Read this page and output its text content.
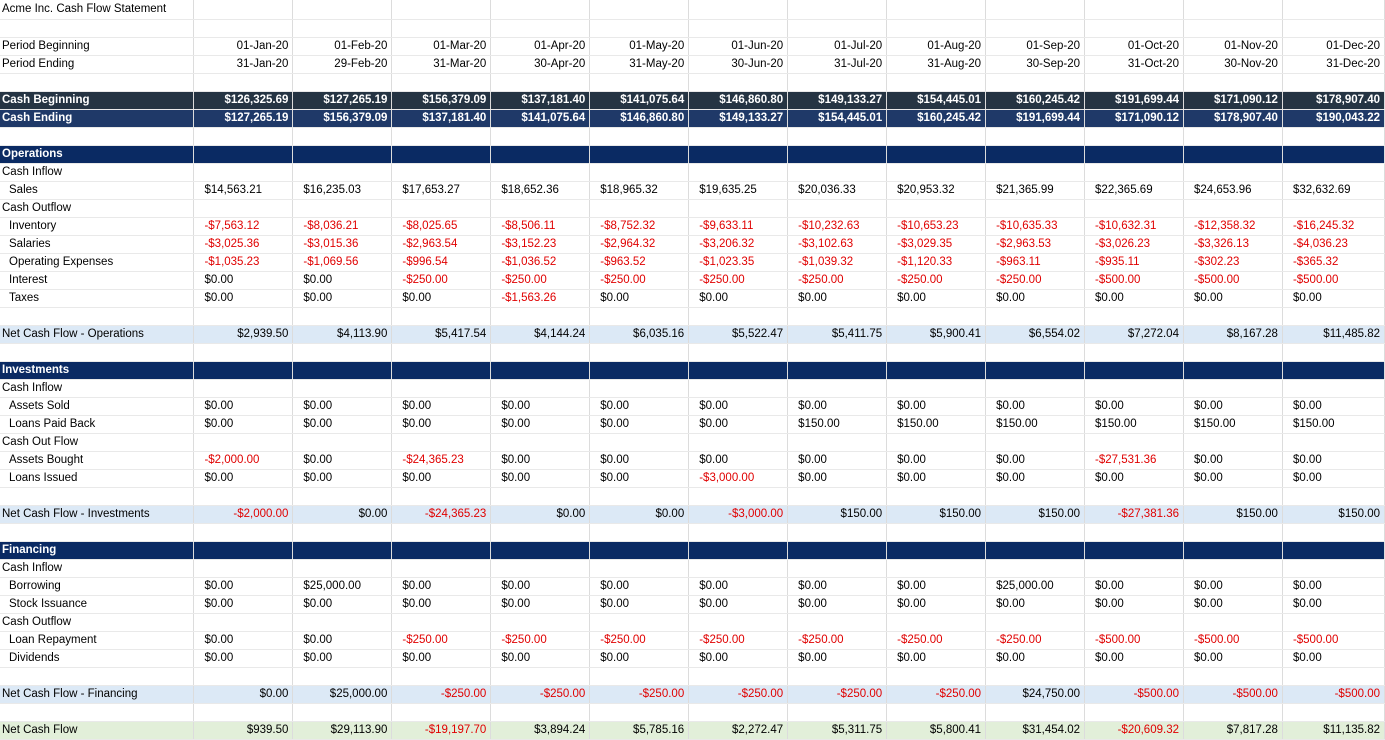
Acme Inc. Cash Flow Statement												

Period Beginning	01-Jan-20	01-Feb-20	01-Mar-20	01-Apr-20	01-May-20	01-Jun-20	01-Jul-20	01-Aug-20	01-Sep-20	01-Oct-20	01-Nov-20	01-Dec-20
Period Ending	31-Jan-20	29-Feb-20	31-Mar-20	30-Apr-20	31-May-20	30-Jun-20	31-Jul-20	31-Aug-20	30-Sep-20	31-Oct-20	30-Nov-20	31-Dec-20

Cash Beginning	$126,325.69	$127,265.19	$156,379.09	$137,181.40	$141,075.64	$146,860.80	$149,133.27	$154,445.01	$160,245.42	$191,699.44	$171,090.12	$178,907.40
Cash Ending	$127,265.19	$156,379.09	$137,181.40	$141,075.64	$146,860.80	$149,133.27	$154,445.01	$160,245.42	$191,699.44	$171,090.12	$178,907.40	$190,043.22

Operations												
Cash Inflow												
Sales	$14,563.21	$16,235.03	$17,653.27	$18,652.36	$18,965.32	$19,635.25	$20,036.33	$20,953.32	$21,365.99	$22,365.69	$24,653.96	$32,632.69
Cash Outflow												
Inventory	-$7,563.12	-$8,036.21	-$8,025.65	-$8,506.11	-$8,752.32	-$9,633.11	-$10,232.63	-$10,653.23	-$10,635.33	-$10,632.31	-$12,358.32	-$16,245.32
Salaries	-$3,025.36	-$3,015.36	-$2,963.54	-$3,152.23	-$2,964.32	-$3,206.32	-$3,102.63	-$3,029.35	-$2,963.53	-$3,026.23	-$3,326.13	-$4,036.23
Operating Expenses	-$1,035.23	-$1,069.56	-$996.54	-$1,036.52	-$963.52	-$1,023.35	-$1,039.32	-$1,120.33	-$963.11	-$935.11	-$302.23	-$365.32
Interest	$0.00	$0.00	-$250.00	-$250.00	-$250.00	-$250.00	-$250.00	-$250.00	-$250.00	-$500.00	-$500.00	-$500.00
Taxes	$0.00	$0.00	$0.00	-$1,563.26	$0.00	$0.00	$0.00	$0.00	$0.00	$0.00	$0.00	$0.00

Net Cash Flow - Operations	$2,939.50	$4,113.90	$5,417.54	$4,144.24	$6,035.16	$5,522.47	$5,411.75	$5,900.41	$6,554.02	$7,272.04	$8,167.28	$11,485.82

Investments												
Cash Inflow												
Assets Sold	$0.00	$0.00	$0.00	$0.00	$0.00	$0.00	$0.00	$0.00	$0.00	$0.00	$0.00	$0.00
Loans Paid Back	$0.00	$0.00	$0.00	$0.00	$0.00	$0.00	$150.00	$150.00	$150.00	$150.00	$150.00	$150.00
Cash Out Flow												
Assets Bought	-$2,000.00	$0.00	-$24,365.23	$0.00	$0.00	$0.00	$0.00	$0.00	$0.00	-$27,531.36	$0.00	$0.00
Loans Issued	$0.00	$0.00	$0.00	$0.00	$0.00	-$3,000.00	$0.00	$0.00	$0.00	$0.00	$0.00	$0.00

Net Cash Flow - Investments	-$2,000.00	$0.00	-$24,365.23	$0.00	$0.00	-$3,000.00	$150.00	$150.00	$150.00	-$27,381.36	$150.00	$150.00

Financing												
Cash Inflow												
Borrowing	$0.00	$25,000.00	$0.00	$0.00	$0.00	$0.00	$0.00	$0.00	$25,000.00	$0.00	$0.00	$0.00
Stock Issuance	$0.00	$0.00	$0.00	$0.00	$0.00	$0.00	$0.00	$0.00	$0.00	$0.00	$0.00	$0.00
Cash Outflow												
Loan Repayment	$0.00	$0.00	-$250.00	-$250.00	-$250.00	-$250.00	-$250.00	-$250.00	-$250.00	-$500.00	-$500.00	-$500.00
Dividends	$0.00	$0.00	$0.00	$0.00	$0.00	$0.00	$0.00	$0.00	$0.00	$0.00	$0.00	$0.00

Net Cash Flow - Financing	$0.00	$25,000.00	-$250.00	-$250.00	-$250.00	-$250.00	-$250.00	-$250.00	$24,750.00	-$500.00	-$500.00	-$500.00

Net Cash Flow	$939.50	$29,113.90	-$19,197.70	$3,894.24	$5,785.16	$2,272.47	$5,311.75	$5,800.41	$31,454.02	-$20,609.32	$7,817.28	$11,135.82
